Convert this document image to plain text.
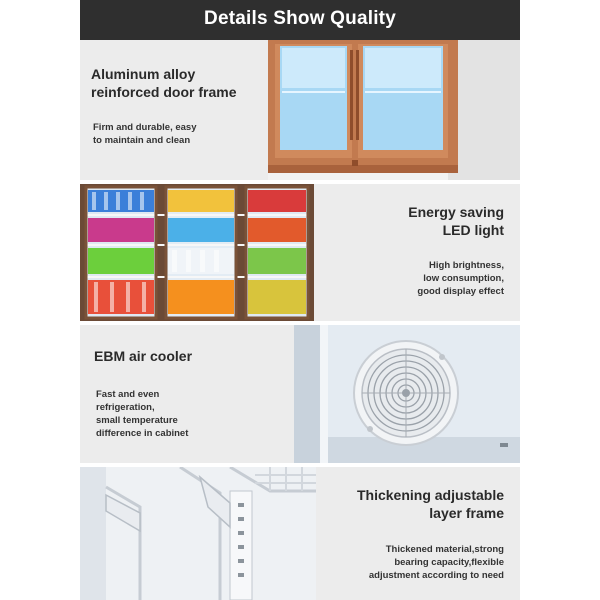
Details Show Quality
Aluminum alloy
reinforced door frame
Firm and durable, easy
to maintain and clean
Energy saving
LED light
High brightness,
low consumption,
good display effect
EBM air cooler
Fast and even
refrigeration,
small temperature
difference in cabinet
Thickening adjustable
layer frame
Thickened material,strong
bearing capacity,flexible
adjustment according to need
